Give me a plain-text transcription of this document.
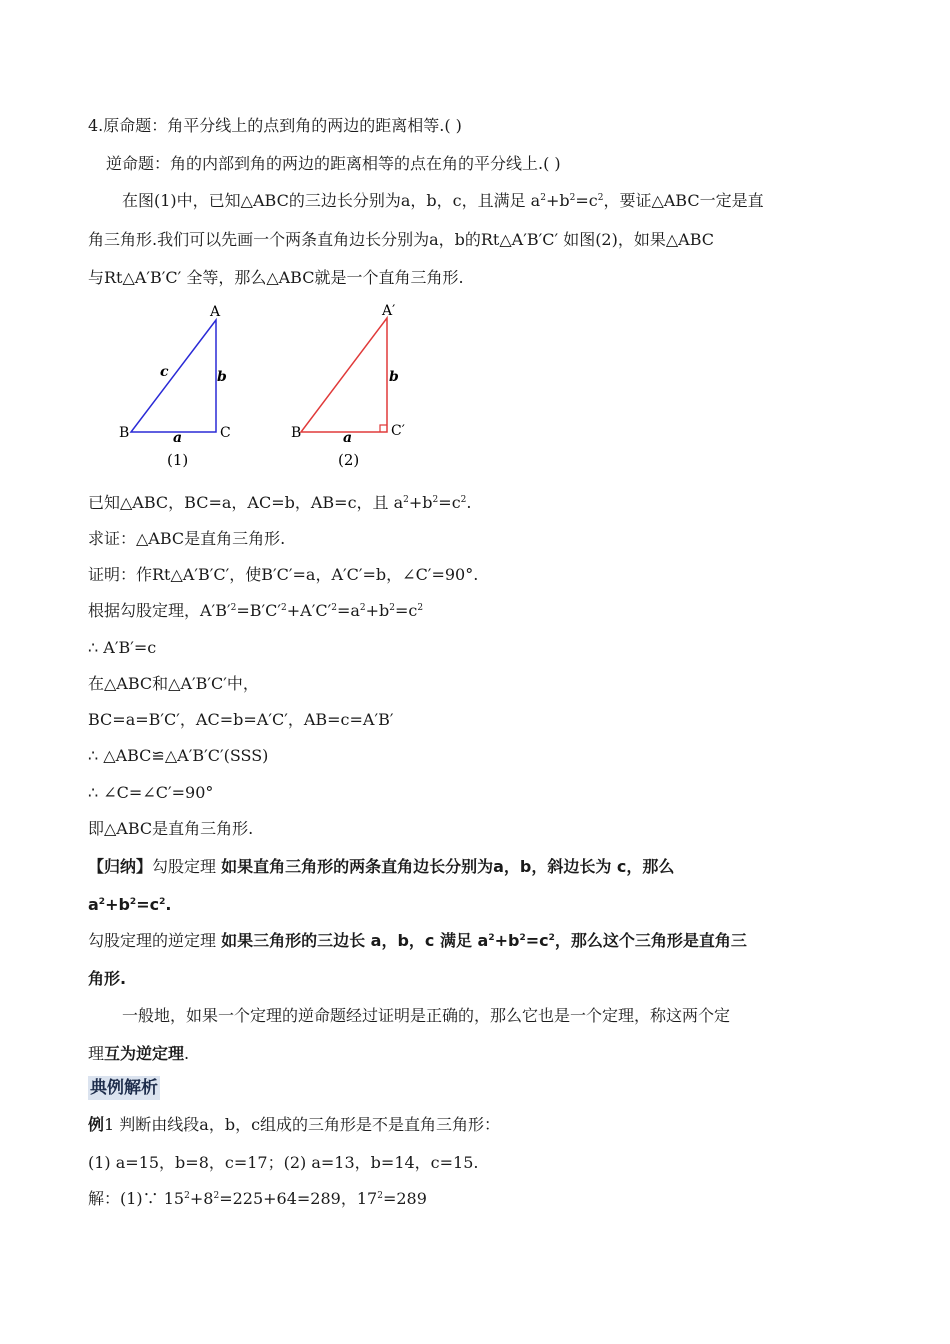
4.原命题：角平分线上的点到角的两边的距离相等.( )
逆命题：角的内部到角的两边的距离相等的点在角的平分线上.( )
在图(1)中，已知△ABC的三边长分别为a，b，c，且满足 $a^2+b^2=c^2$，要证△ABC一定是直
角三角形.我们可以先画一个两条直角边长分别为a，b的Rt△A′B′C′ 如图(2)，如果△ABC
与Rt△A′B′C′ 全等，那么△ABC就是一个直角三角形.
A
B	C
c	b
a
(1)
A′
B	C′
b
a
(2)
已知△ABC，BC=a，AC=b，AB=c，且 $a^2+b^2=c^2$.
求证：△ABC是直角三角形.
证明：作Rt△A′B′C′，使B′C′=a，A′C′=b，∠C′=90°.
根据勾股定理，$A'B'^2=B'C'^2+A'C'^2=a^2+b^2=c^2$
∴ A′B′=c
在△ABC和△A′B′C′中，
BC=a=B′C′，AC=b=A′C′，AB=c=A′B′
∴ △ABC≌△A′B′C′(SSS)
∴ ∠C=∠C′=90°
即△ABC是直角三角形.
【归纳】勾股定理 如果直角三角形的两条直角边长分别为a，b，斜边长为 c，那么
$a^2+b^2=c^2$.
勾股定理的逆定理 如果三角形的三边长 a，b，c 满足 $a^2+b^2=c^2$，那么这个三角形是直角三
角形.
一般地，如果一个定理的逆命题经过证明是正确的，那么它也是一个定理，称这两个定
理互为逆定理.
典例解析
例1 判断由线段a，b，c组成的三角形是不是直角三角形：
(1) a=15，b=8，c=17；(2) a=13，b=14，c=15.
解：(1)∵ $15^2+8^2=225+64=289$，$17^2=289$
